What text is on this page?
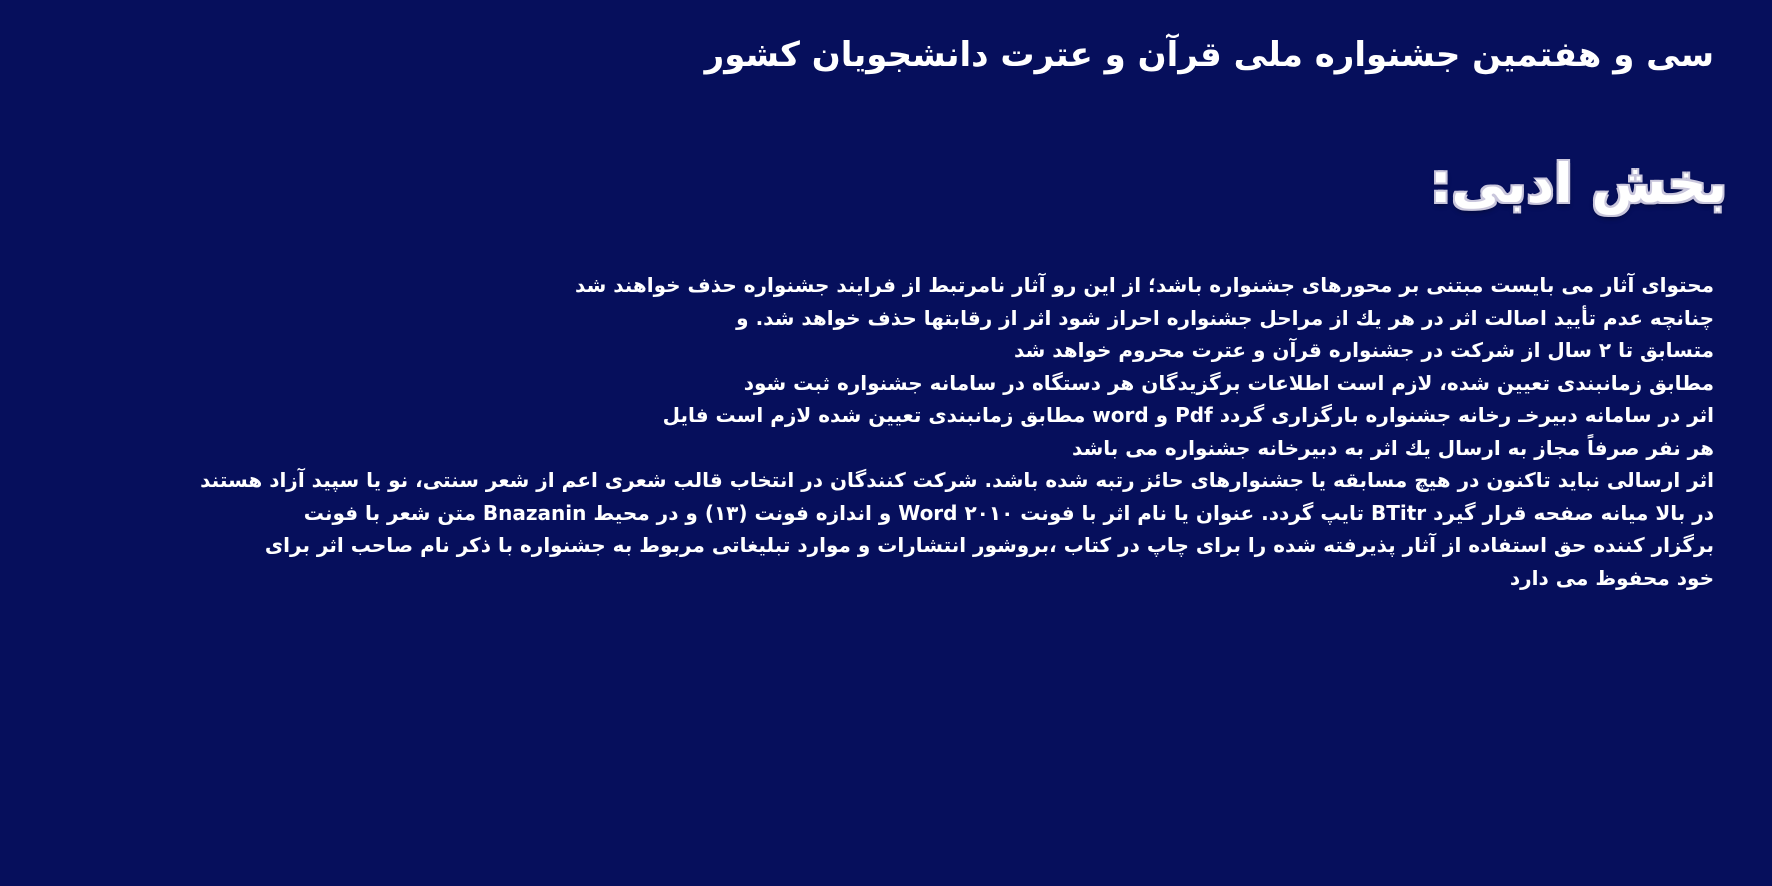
سی و هفتمین جشنواره ملی قرآن و عترت دانشجویان کشور
بخش ادبی:
محتوای آثار می بایست مبتنی بر محورهای جشنواره باشد؛ از این رو آثار نامرتبط از فرایند جشنواره حذف خواهند شد
چنانچه عدم تأیید اصالت اثر در هر یك از مراحل جشنواره احراز شود اثر از رقابتها حذف خواهد شد. و
متسابق تا ۲ سال از شرکت در جشنواره قرآن و عترت محروم خواهد شد
مطابق زمانبندی تعیین شده، لازم است اطلاعات برگزیدگان هر دستگاه در سامانه جشنواره ثبت شود
اثر در سامانه دبیرخـ رخانه جشنواره بارگزاری گردد Pdf و word مطابق زمانبندی تعیین شده لازم است فایل
هر نفر صرفاً مجاز به ارسال یك اثر به دبیرخانه جشنواره می باشد
اثر ارسالی نباید تاکنون در هیچ مسابقه یا جشنوارهای حائز رتبه شده باشد. شرکت کنندگان در انتخاب قالب شعری اعم از شعر سنتی، نو یا سپید آزاد هستند
در بالا میانه صفحه قرار گیرد BTitr تایپ گردد. عنوان یا نام اثر با فونت Word ۲۰۱۰ و اندازه فونت (۱۳) و در محیط Bnazanin متن شعر با فونت
برگزار کننده حق استفاده از آثار پذیرفته شده را برای چاپ در کتاب ،بروشور انتشارات و موارد تبلیغاتی مربوط به جشنواره با ذکر نام صاحب اثر برای
خود محفوظ می دارد
